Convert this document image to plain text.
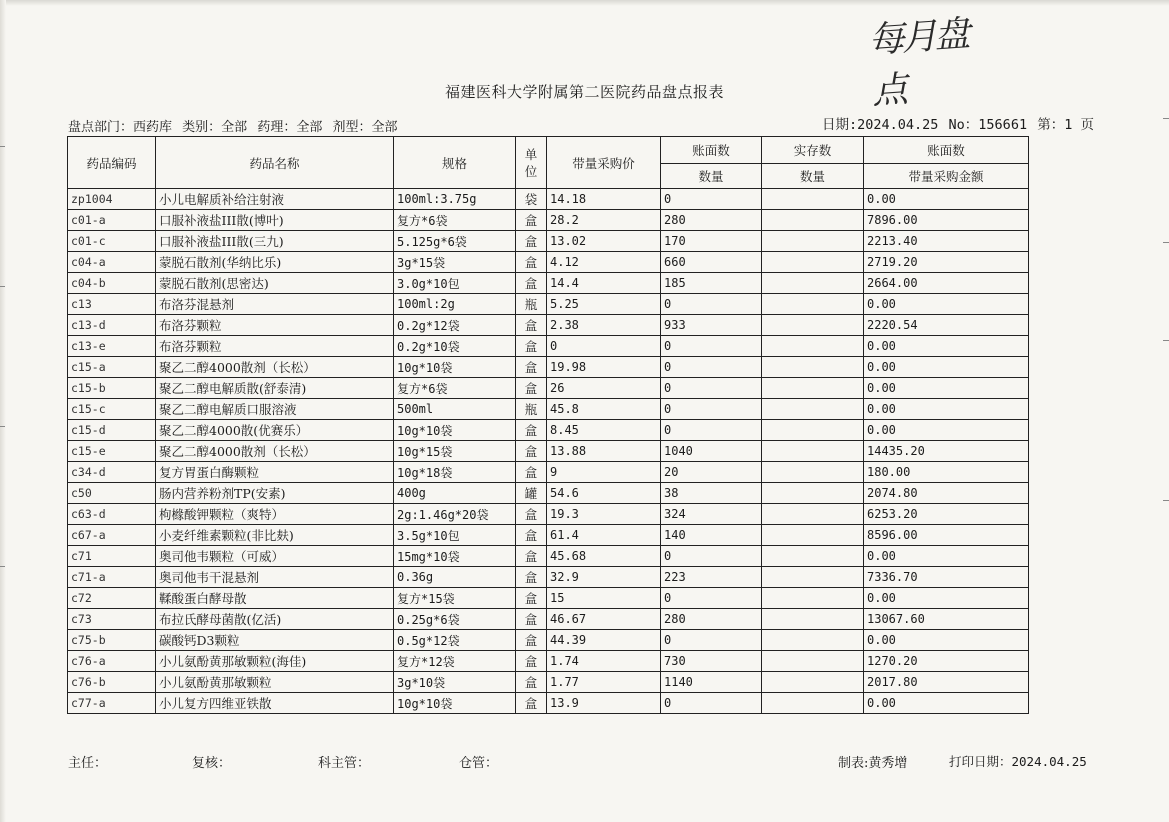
每月盘点
福建医科大学附属第二医院药品盘点报表
盘点部门：西药库 类别：全部 药理：全部 剂型：全部	日期:2024.04.25 No：156661 第：1 页
药品编码	药品名称	规格	单位	带量采购价	账面数	实存数	账面数
					数量	数量	带量采购金额
zp1004	小儿电解质补给注射液	100ml:3.75g	袋	14.18	0		0.00
c01-a	口服补液盐III散(博叶)	复方*6袋	盒	28.2	280		7896.00
c01-c	口服补液盐III散(三九)	5.125g*6袋	盒	13.02	170		2213.40
c04-a	蒙脱石散剂(华纳比乐)	3g*15袋	盒	4.12	660		2719.20
c04-b	蒙脱石散剂(思密达)	3.0g*10包	盒	14.4	185		2664.00
c13	布洛芬混悬剂	100ml:2g	瓶	5.25	0		0.00
c13-d	布洛芬颗粒	0.2g*12袋	盒	2.38	933		2220.54
c13-e	布洛芬颗粒	0.2g*10袋	盒	0	0		0.00
c15-a	聚乙二醇4000散剂（长松）	10g*10袋	盒	19.98	0		0.00
c15-b	聚乙二醇电解质散(舒泰清)	复方*6袋	盒	26	0		0.00
c15-c	聚乙二醇电解质口服溶液	500ml	瓶	45.8	0		0.00
c15-d	聚乙二醇4000散(优赛乐）	10g*10袋	盒	8.45	0		0.00
c15-e	聚乙二醇4000散剂（长松）	10g*15袋	盒	13.88	1040		14435.20
c34-d	复方胃蛋白酶颗粒	10g*18袋	盒	9	20		180.00
c50	肠内营养粉剂TP(安素)	400g	罐	54.6	38		2074.80
c63-d	枸橼酸钾颗粒（爽特）	2g:1.46g*20袋	盒	19.3	324		6253.20
c67-a	小麦纤维素颗粒(非比麸)	3.5g*10包	盒	61.4	140		8596.00
c71	奥司他韦颗粒（可威）	15mg*10袋	盒	45.68	0		0.00
c71-a	奥司他韦干混悬剂	0.36g	盒	32.9	223		7336.70
c72	鞣酸蛋白酵母散	复方*15袋	盒	15	0		0.00
c73	布拉氏酵母菌散(亿活)	0.25g*6袋	盒	46.67	280		13067.60
c75-b	碳酸钙D3颗粒	0.5g*12袋	盒	44.39	0		0.00
c76-a	小儿氨酚黄那敏颗粒(海佳)	复方*12袋	盒	1.74	730		1270.20
c76-b	小儿氨酚黄那敏颗粒	3g*10袋	盒	1.77	1140		2017.80
c77-a	小儿复方四维亚铁散	10g*10袋	盒	13.9	0		0.00
主任：	复核：	科主管：	仓管：	制表:黄秀增	打印日期：2024.04.25
